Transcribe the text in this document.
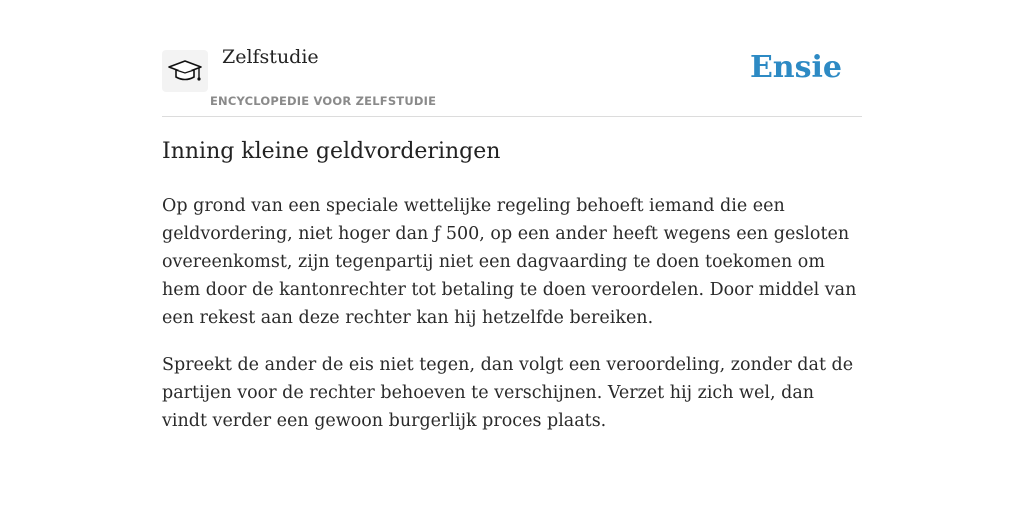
Zelfstudie
ENCYCLOPEDIE VOOR ZELFSTUDIE
Ensie
Inning kleine geldvorderingen

Op grond van een speciale wettelijke regeling behoeft iemand die een geldvordering, niet hoger dan ƒ 500, op een ander heeft wegens een gesloten overeenkomst, zijn tegenpartij niet een dagvaarding te doen toekomen om hem door de kantonrechter tot betaling te doen veroordelen. Door middel van een rekest aan deze rechter kan hij hetzelfde bereiken.

Spreekt de ander de eis niet tegen, dan volgt een veroordeling, zonder dat de partijen voor de rechter behoeven te verschijnen. Verzet hij zich wel, dan vindt verder een gewoon burgerlijk proces plaats.
